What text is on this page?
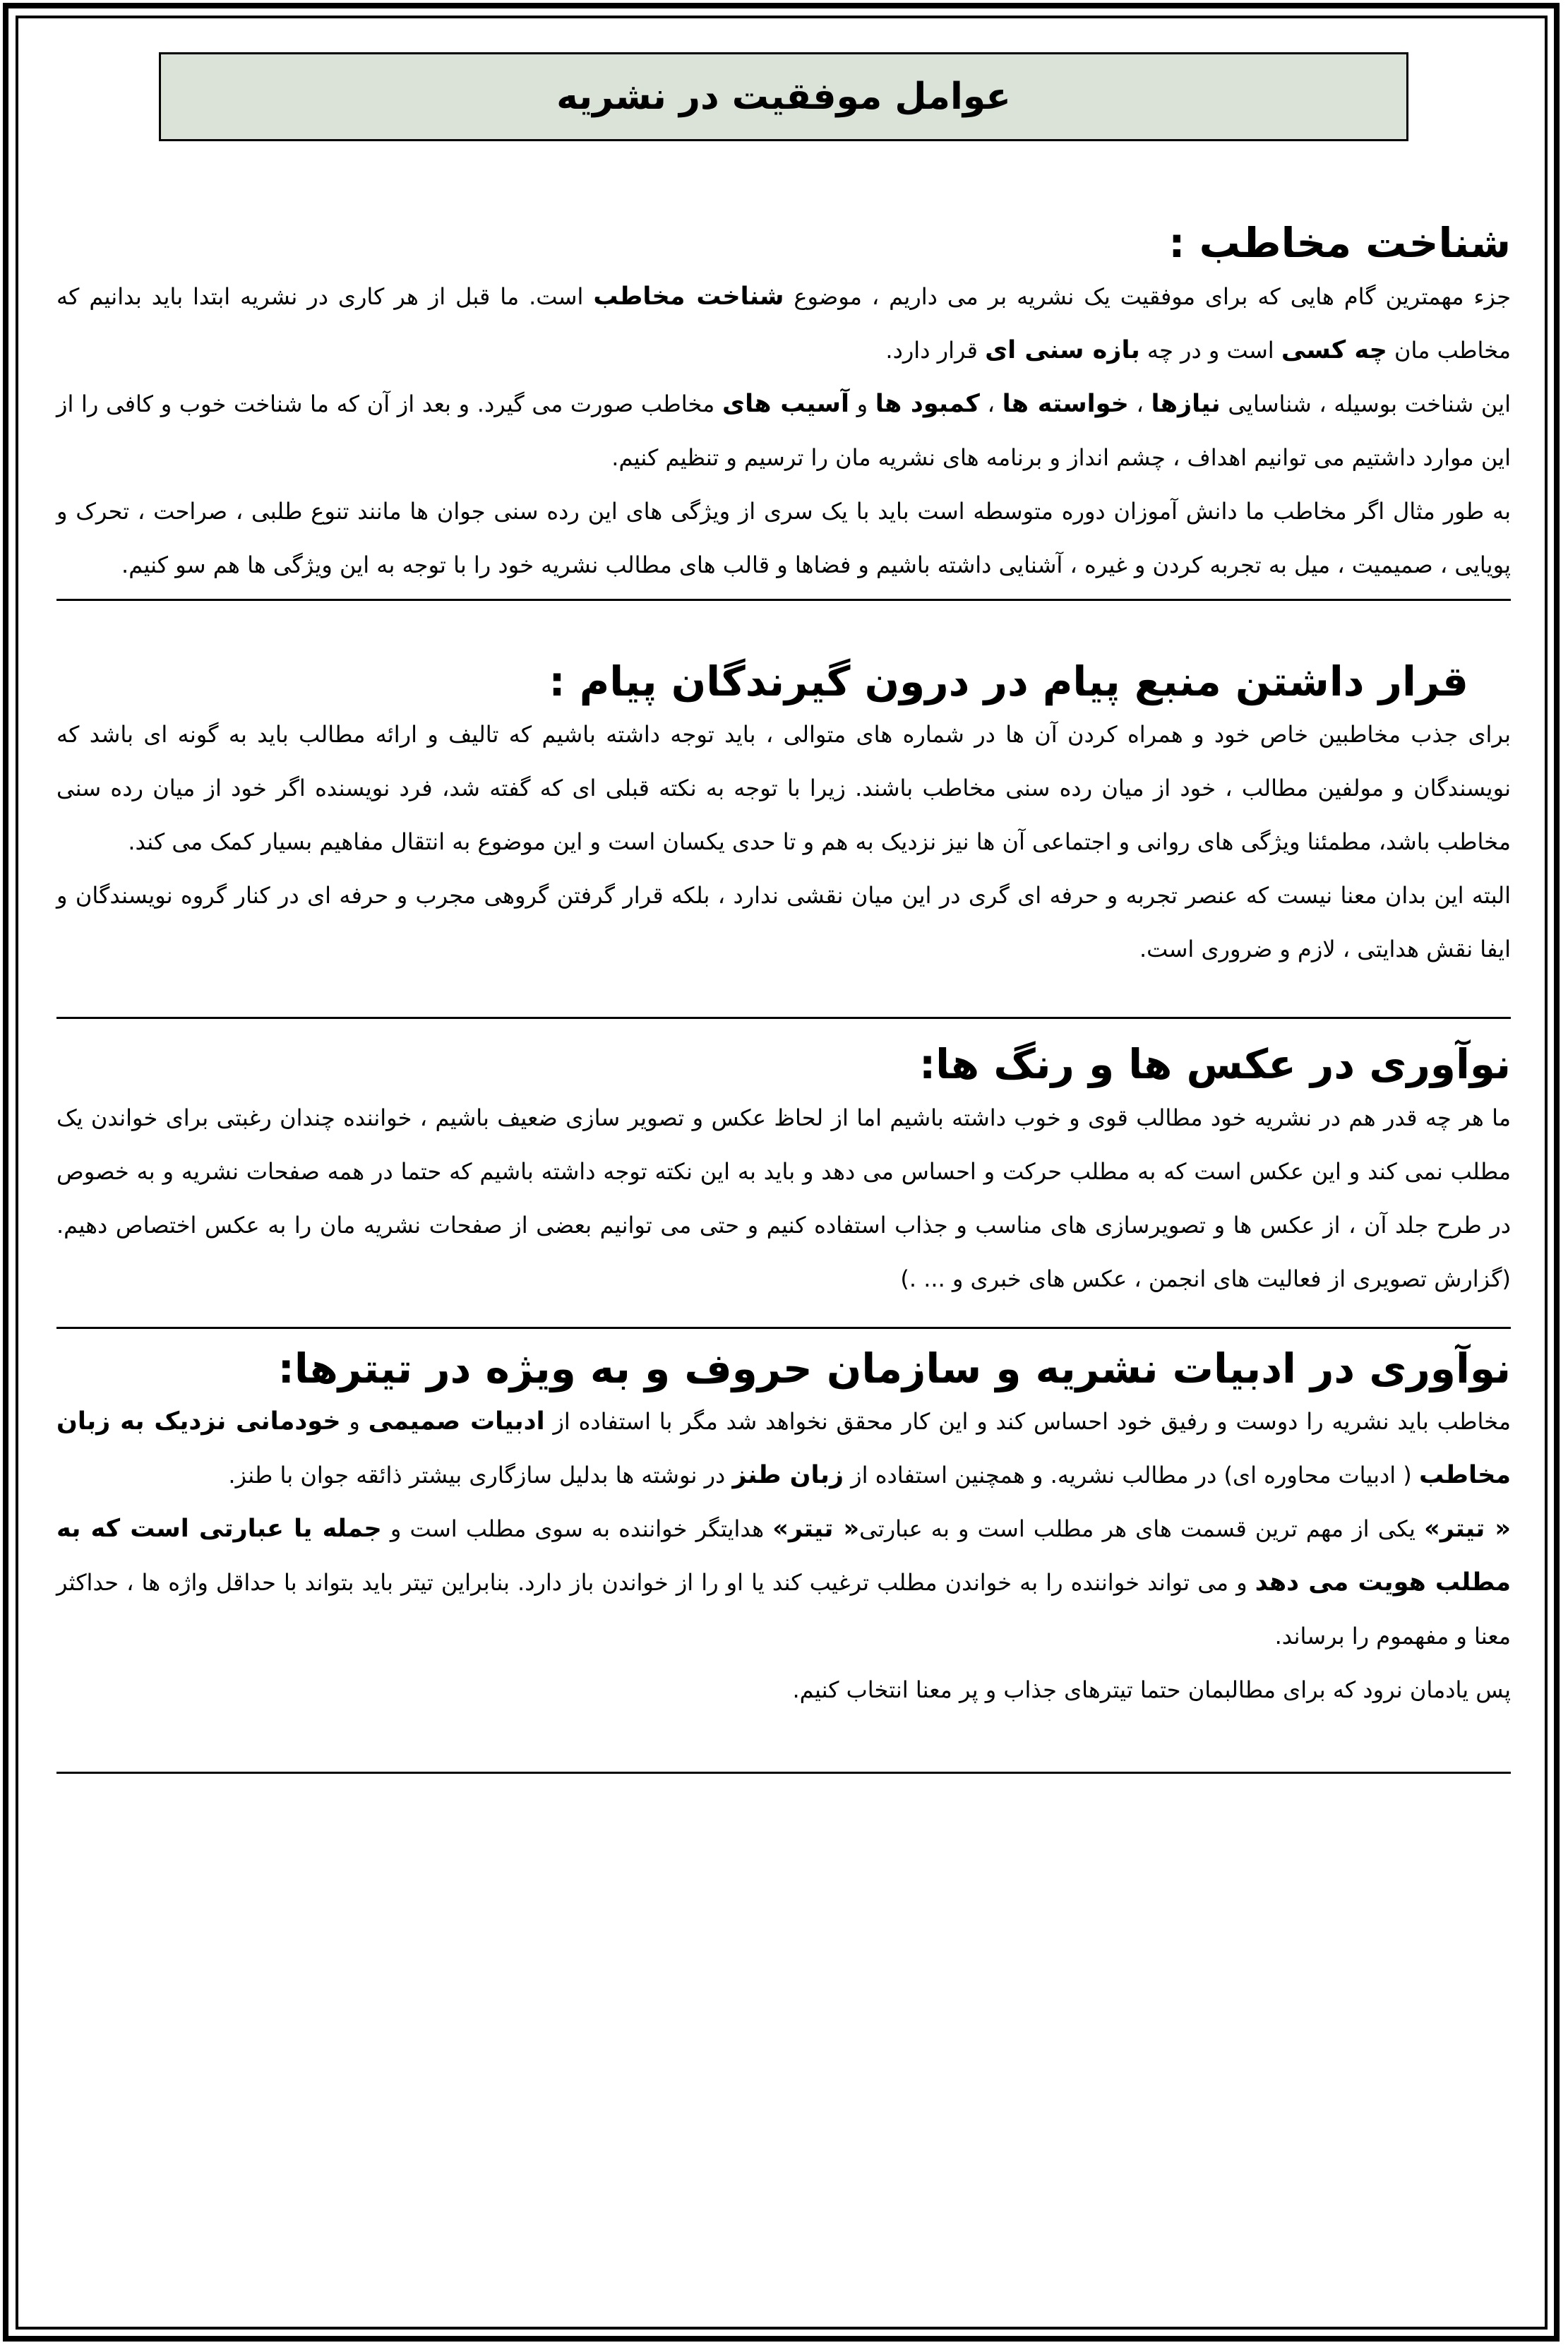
عوامل موفقیت در نشریه
شناخت مخاطب :

جزء مهمترین گام هایی که برای موفقیت یک نشریه بر می داریم ، موضوع شناخت مخاطب است. ما قبل از هر کاری در نشریه ابتدا باید بدانیم که مخاطب مان چه کسی است و در چه بازه سنی ای قرار دارد.

این شناخت بوسیله ، شناسایی نیازها ، خواسته ها ، کمبود ها و آسیب های مخاطب صورت می گیرد. و بعد از آن که ما شناخت خوب و کافی را از این موارد داشتیم می توانیم اهداف ، چشم انداز و برنامه های نشریه مان را ترسیم و تنظیم کنیم.

به طور مثال اگر مخاطب ما دانش آموزان دوره متوسطه است باید با یک سری از ویژگی های این رده سنی جوان ها مانند تنوع طلبی ، صراحت ، تحرک و پویایی ، صمیمیت ، میل به تجربه کردن و غیره ، آشنایی داشته باشیم و فضاها و قالب های مطالب نشریه خود را با توجه به این ویژگی ها هم سو کنیم.

قرار داشتن منبع پیام در درون گیرندگان پیام :

برای جذب مخاطبین خاص خود و همراه کردن آن ها در شماره های متوالی ، باید توجه داشته باشیم که تالیف و ارائه مطالب باید به گونه ای باشد که نویسندگان و مولفین مطالب ، خود از میان رده سنی مخاطب باشند. زیرا با توجه به نکته قبلی ای که گفته شد، فرد نویسنده اگر خود از میان رده سنی مخاطب باشد، مطمئنا ویژگی های روانی و اجتماعی آن ها نیز نزدیک به هم و تا حدی یکسان است و این موضوع به انتقال مفاهیم بسیار کمک می کند.

البته این بدان معنا نیست که عنصر تجربه و حرفه ای گری در این میان نقشی ندارد ، بلکه قرار گرفتن گروهی مجرب و حرفه ای در کنار گروه نویسندگان و ایفا نقش هدایتی ، لازم و ضروری است.

نوآوری در عکس ها و رنگ ها:

ما هر چه قدر هم در نشریه خود مطالب قوی و خوب داشته باشیم اما از لحاظ عکس و تصویر سازی ضعیف باشیم ، خواننده چندان رغبتی برای خواندن یک مطلب نمی کند و این عکس است که به مطلب حرکت و احساس می دهد و باید به این نکته توجه داشته باشیم که حتما در همه صفحات نشریه و به خصوص در طرح جلد آن ، از عکس ها و تصویرسازی های مناسب و جذاب استفاده کنیم و حتی می توانیم بعضی از صفحات نشریه مان را به عکس اختصاص دهیم. (گزارش تصویری از فعالیت های انجمن ، عکس های خبری و ... .)

نوآوری در ادبیات نشریه و سازمان حروف و به ویژه در تیترها:

مخاطب باید نشریه را دوست و رفیق خود احساس کند و این کار محقق نخواهد شد مگر با استفاده از ادبیات صمیمی و خودمانی نزدیک به زبان مخاطب ( ادبیات محاوره ای) در مطالب نشریه. و همچنین استفاده از زبان طنز در نوشته ها بدلیل سازگاری بیشتر ذائقه جوان با طنز.

« تیتر» یکی از مهم ترین قسمت های هر مطلب است و به عبارتی« تیتر» هدایتگر خواننده به سوی مطلب است و جمله یا عبارتی است که به مطلب هویت می دهد و می تواند خواننده را به خواندن مطلب ترغیب کند یا او را از خواندن باز دارد. بنابراین تیتر باید بتواند با حداقل واژه ها ، حداکثر معنا و مفهموم را برساند.

پس یادمان نرود که برای مطالبمان حتما تیترهای جذاب و پر معنا انتخاب کنیم.
